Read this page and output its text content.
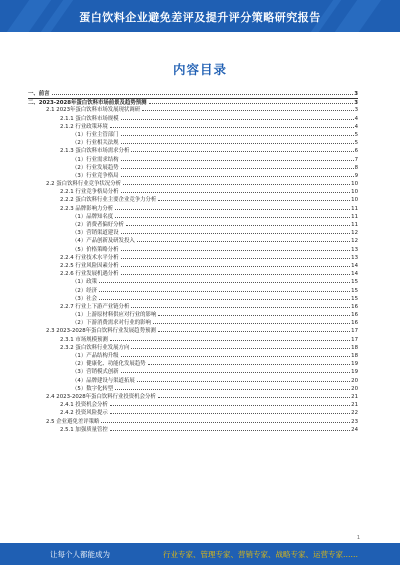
蛋白饮料企业避免差评及提升评分策略研究报告
内容目录
一、前言	3
二、2023-2028年蛋白饮料市场前景及趋势预测	3
2.1 2023年蛋白饮料市场发展现状调研	3
2.1.1 蛋白饮料市场规模	4
2.1.2 行业政策环境	4
（1）行业主管部门	5
（2）行业相关法规	5
2.1.3 蛋白饮料市场需求分析	6
（1）行业需求结构	7
（2）行业发展趋势	8
（3）行业竞争格局	9
2.2 蛋白饮料行业竞争状况分析	10
2.2.1 行业竞争格局分析	10
2.2.2 蛋白饮料行业主要企业竞争力分析	10
2.2.3 品牌影响力分析	11
（1）品牌知名度	11
（2）消费者偏好分析	11
（3）营销渠道建设	12
（4）产品创新及研发投入	12
（5）价格策略分析	13
2.2.4 行业技术水平分析	13
2.2.5 行业风险因素分析	14
2.2.6 行业发展机遇分析	14
（1）政策	15
（2）经济	15
（3）社会	15
2.2.7 行业上下游产业链分析	16
（1）上游原材料供应对行业的影响	16
（2）下游消费需求对行业的影响	16
2.3 2023-2028年蛋白饮料行业发展趋势预测	17
2.3.1 市场规模预测	17
2.3.2 蛋白饮料行业发展方向	18
（1）产品结构升级	18
（2）健康化、功能化发展趋势	19
（3）营销模式创新	19
（4）品牌建设与渠道拓展	20
（5）数字化转型	20
2.4 2023-2028年蛋白饮料行业投资机会分析	21
2.4.1 投资机会分析	21
2.4.2 投资风险提示	22
2.5 企业避免差评策略	23
2.5.1 加强质量管控	24
1
让每个人都能成为	行业专家、管理专家、营销专家、战略专家、运营专家……
